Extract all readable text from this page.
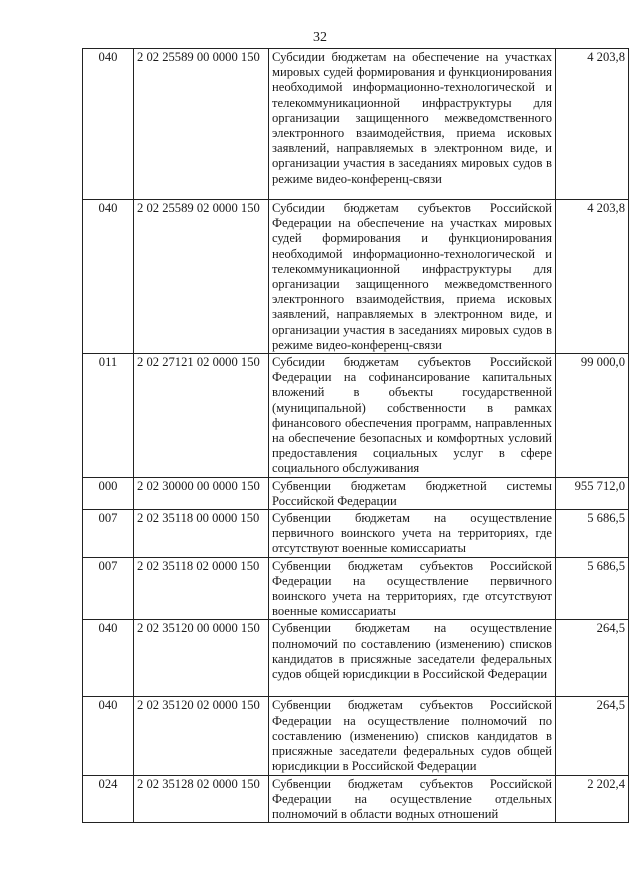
32
040	2 02 25589 00 0000 150	Субсидии бюджетам на обеспечение на участках мировых судей формирования и функционирования необходимой информационно-технологической и телекоммуникационной инфраструктуры для организации защищенного межведомственного электронного взаимодействия, приема исковых заявлений, направляемых в электронном виде, и организации участия в заседаниях мировых судов в режиме видео-конференц-связи	4 203,8
040	2 02 25589 02 0000 150	Субсидии бюджетам субъектов Российской Федерации на обеспечение на участках мировых судей формирования и функционирования необходимой информационно-технологической и телекоммуникационной инфраструктуры для организации защищенного межведомственного электронного взаимодействия, приема исковых заявлений, направляемых в электронном виде, и организации участия в заседаниях мировых судов в режиме видео-конференц-связи	4 203,8
011	2 02 27121 02 0000 150	Субсидии бюджетам субъектов Российской Федерации на софинансирование капитальных вложений в объекты государственной (муниципальной) собственности в рамках финансового обеспечения программ, направленных на обеспечение безопасных и комфортных условий предоставления социальных услуг в сфере социального обслуживания	99 000,0
000	2 02 30000 00 0000 150	Субвенции бюджетам бюджетной системы Российской Федерации	955 712,0
007	2 02 35118 00 0000 150	Субвенции бюджетам на осуществление первичного воинского учета на территориях, где отсутствуют военные комиссариаты	5 686,5
007	2 02 35118 02 0000 150	Субвенции бюджетам субъектов Российской Федерации на осуществление первичного воинского учета на территориях, где отсутствуют военные комиссариаты	5 686,5
040	2 02 35120 00 0000 150	Субвенции бюджетам на осуществление полномочий по составлению (изменению) списков кандидатов в присяжные заседатели федеральных судов общей юрисдикции в Российской Федерации	264,5
040	2 02 35120 02 0000 150	Субвенции бюджетам субъектов Российской Федерации на осуществление полномочий по составлению (изменению) списков кандидатов в присяжные заседатели федеральных судов общей юрисдикции в Российской Федерации	264,5
024	2 02 35128 02 0000 150	Субвенции бюджетам субъектов Российской Федерации на осуществление отдельных полномочий в области водных отношений	2 202,4
